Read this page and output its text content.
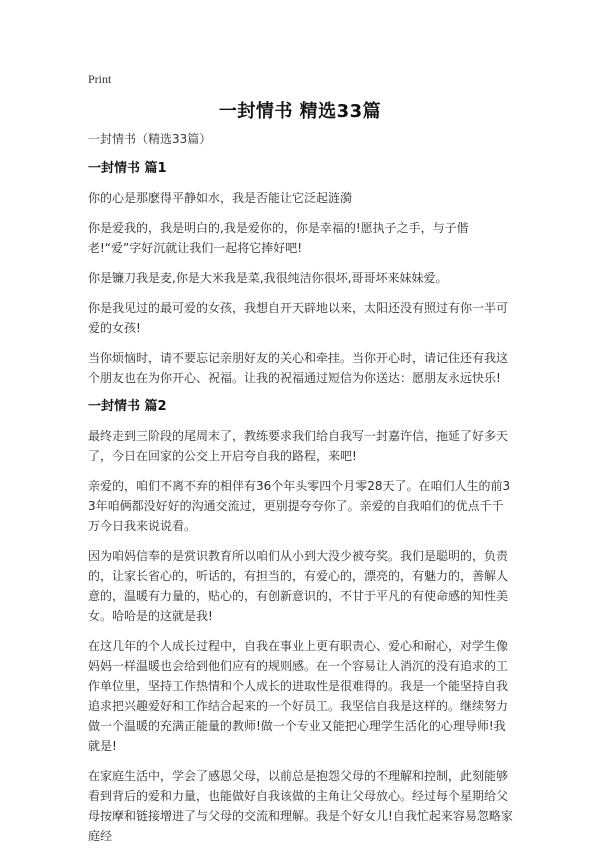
Print
一封情书 精选33篇
一封情书（精选33篇）
一封情书 篇1

你的心是那麽得平静如水，我是否能让它泛起涟漪

你是爱我的，我是明白的,我是爱你的，你是幸福的!愿执子之手，与子偕老!“爱”字好沉就让我们一起将它捧好吧!

你是镰刀我是麦,你是大米我是菜,我很纯洁你很坏,哥哥坏来妹妹爱。

你是我见过的最可爱的女孩，我想自开天辟地以来，太阳还没有照过有你一半可爱的女孩!

当你烦恼时，请不要忘记亲朋好友的关心和牵挂。当你开心时，请记住还有我这个朋友也在为你开心、祝福。让我的祝福通过短信为你送达：愿朋友永远快乐!

一封情书 篇2

最终走到三阶段的尾周末了，教练要求我们给自我写一封嘉许信，拖延了好多天了，今日在回家的公交上开启夸自我的路程，来吧!

亲爱的，咱们不离不弃的相伴有36个年头零四个月零28天了。在咱们人生的前33年咱俩都没好好的沟通交流过，更别提夸夸你了。亲爱的自我咱们的优点千千万今日我来说说看。

因为咱妈信奉的是赏识教育所以咱们从小到大没少被夸奖。我们是聪明的，负责的，让家长省心的，听话的，有担当的，有爱心的，漂亮的，有魅力的，善解人意的，温暖有力量的，贴心的，有创新意识的，不甘于平凡的有使命感的知性美女。哈哈是的这就是我!

在这几年的个人成长过程中，自我在事业上更有职责心、爱心和耐心，对学生像妈妈一样温暖也会给到他们应有的规则感。在一个容易让人消沉的没有追求的工作单位里，坚持工作热情和个人成长的进取性是很难得的。我是一个能坚持自我追求把兴趣爱好和工作结合起来的一个好员工。我坚信自我是这样的。继续努力做一个温暖的充满正能量的教师!做一个专业又能把心理学生活化的心理导师!我就是!

在家庭生活中，学会了感恩父母，以前总是抱怨父母的不理解和控制，此刻能够看到背后的爱和力量，也能做好自我该做的主角让父母放心。经过每个星期给父母按摩和链接增进了与父母的交流和理解。我是个好女儿!自我忙起来容易忽略家庭经
